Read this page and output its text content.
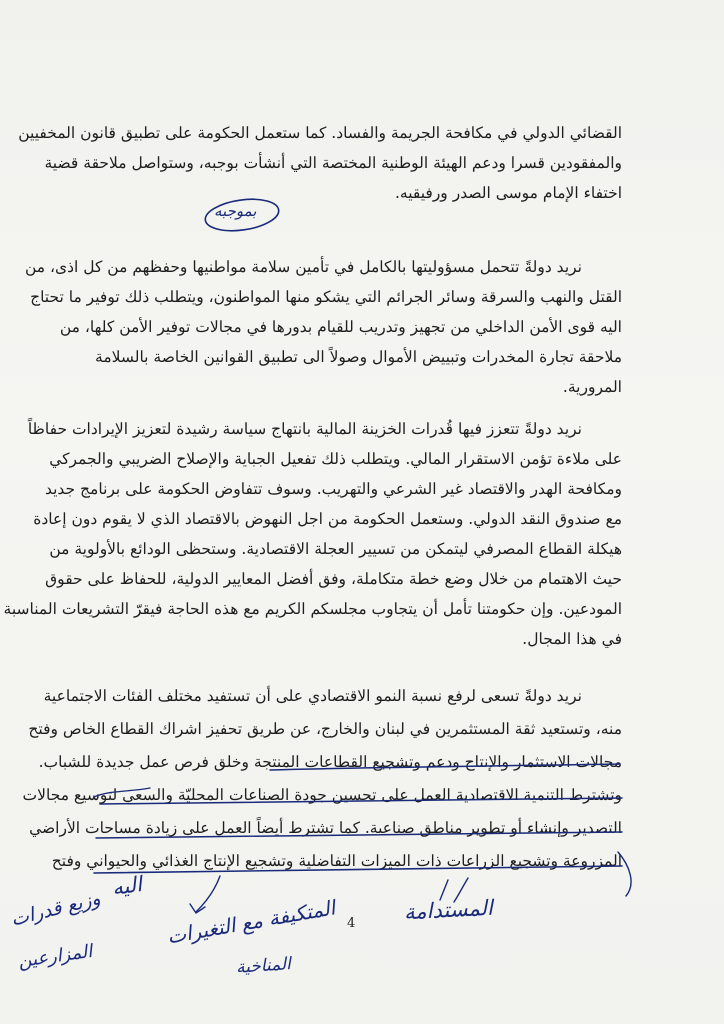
القضائي الدولي في مكافحة الجريمة والفساد. كما ستعمل الحكومة على تطبيق قانون المخفيين
والمفقودين قسرا ودعم الهيئة الوطنية المختصة التي أنشأت بوجبه، وستواصل ملاحقة قضية
اختفاء الإمام موسى الصدر ورفيقيه.
نريد دولةً تتحمل مسؤوليتها بالكامل في تأمين سلامة مواطنيها وحفظهم من كل اذى، من
القتل والنهب والسرقة وسائر الجرائم التي يشكو منها المواطنون، ويتطلب ذلك توفير ما تحتاج
اليه قوى الأمن الداخلي من تجهيز وتدريب للقيام بدورها في مجالات توفير الأمن كلها، من
ملاحقة تجارة المخدرات وتبييض الأموال وصولاً الى تطبيق القوانين الخاصة بالسلامة
المرورية.
نريد دولةً تتعزز فيها قُدرات الخزينة المالية بانتهاج سياسة رشيدة لتعزيز الإيرادات حفاظاً
على ملاءة تؤمن الاستقرار المالي. ويتطلب ذلك تفعيل الجباية والإصلاح الضريبي والجمركي
ومكافحة الهدر والاقتصاد غير الشرعي والتهريب. وسوف تتفاوض الحكومة على برنامج جديد
مع صندوق النقد الدولي. وستعمل الحكومة من اجل النهوض بالاقتصاد الذي لا يقوم دون إعادة
هيكلة القطاع المصرفي ليتمكن من تسيير العجلة الاقتصادية. وستحظى الودائع بالأولوية من
حيث الاهتمام من خلال وضع خطة متكاملة، وفق أفضل المعايير الدولية، للحفاظ على حقوق
المودعين. وإن حكومتنا تأمل أن يتجاوب مجلسكم الكريم مع هذه الحاجة فيقرّ التشريعات المناسبة
في هذا المجال.
نريد دولةً تسعى لرفع نسبة النمو الاقتصادي على أن تستفيد مختلف الفئات الاجتماعية
منه، وتستعيد ثقة المستثمرين في لبنان والخارج، عن طريق تحفيز اشراك القطاع الخاص وفتح
مجالات الاستثمار والإنتاج ودعم وتشجيع القطاعات المنتجة وخلق فرص عمل جديدة للشباب.
وتشترط التنمية الاقتصادية العمل على تحسين جودة الصناعات المحليّة والسعي لتوسيع مجالات
التصدير وإنشاء أو تطوير مناطق صناعية. كما تشترط أيضاً العمل على زيادة مساحات الأراضي
المزروعة وتشجيع الزراعات ذات الميزات التفاضلية وتشجيع الإنتاج الغذائي والحيواني وفتح
بموجبه
المستدامة
المتكيفة مع التغيرات
المناخية
اليه
وزيع قدرات
المزارعين
4
